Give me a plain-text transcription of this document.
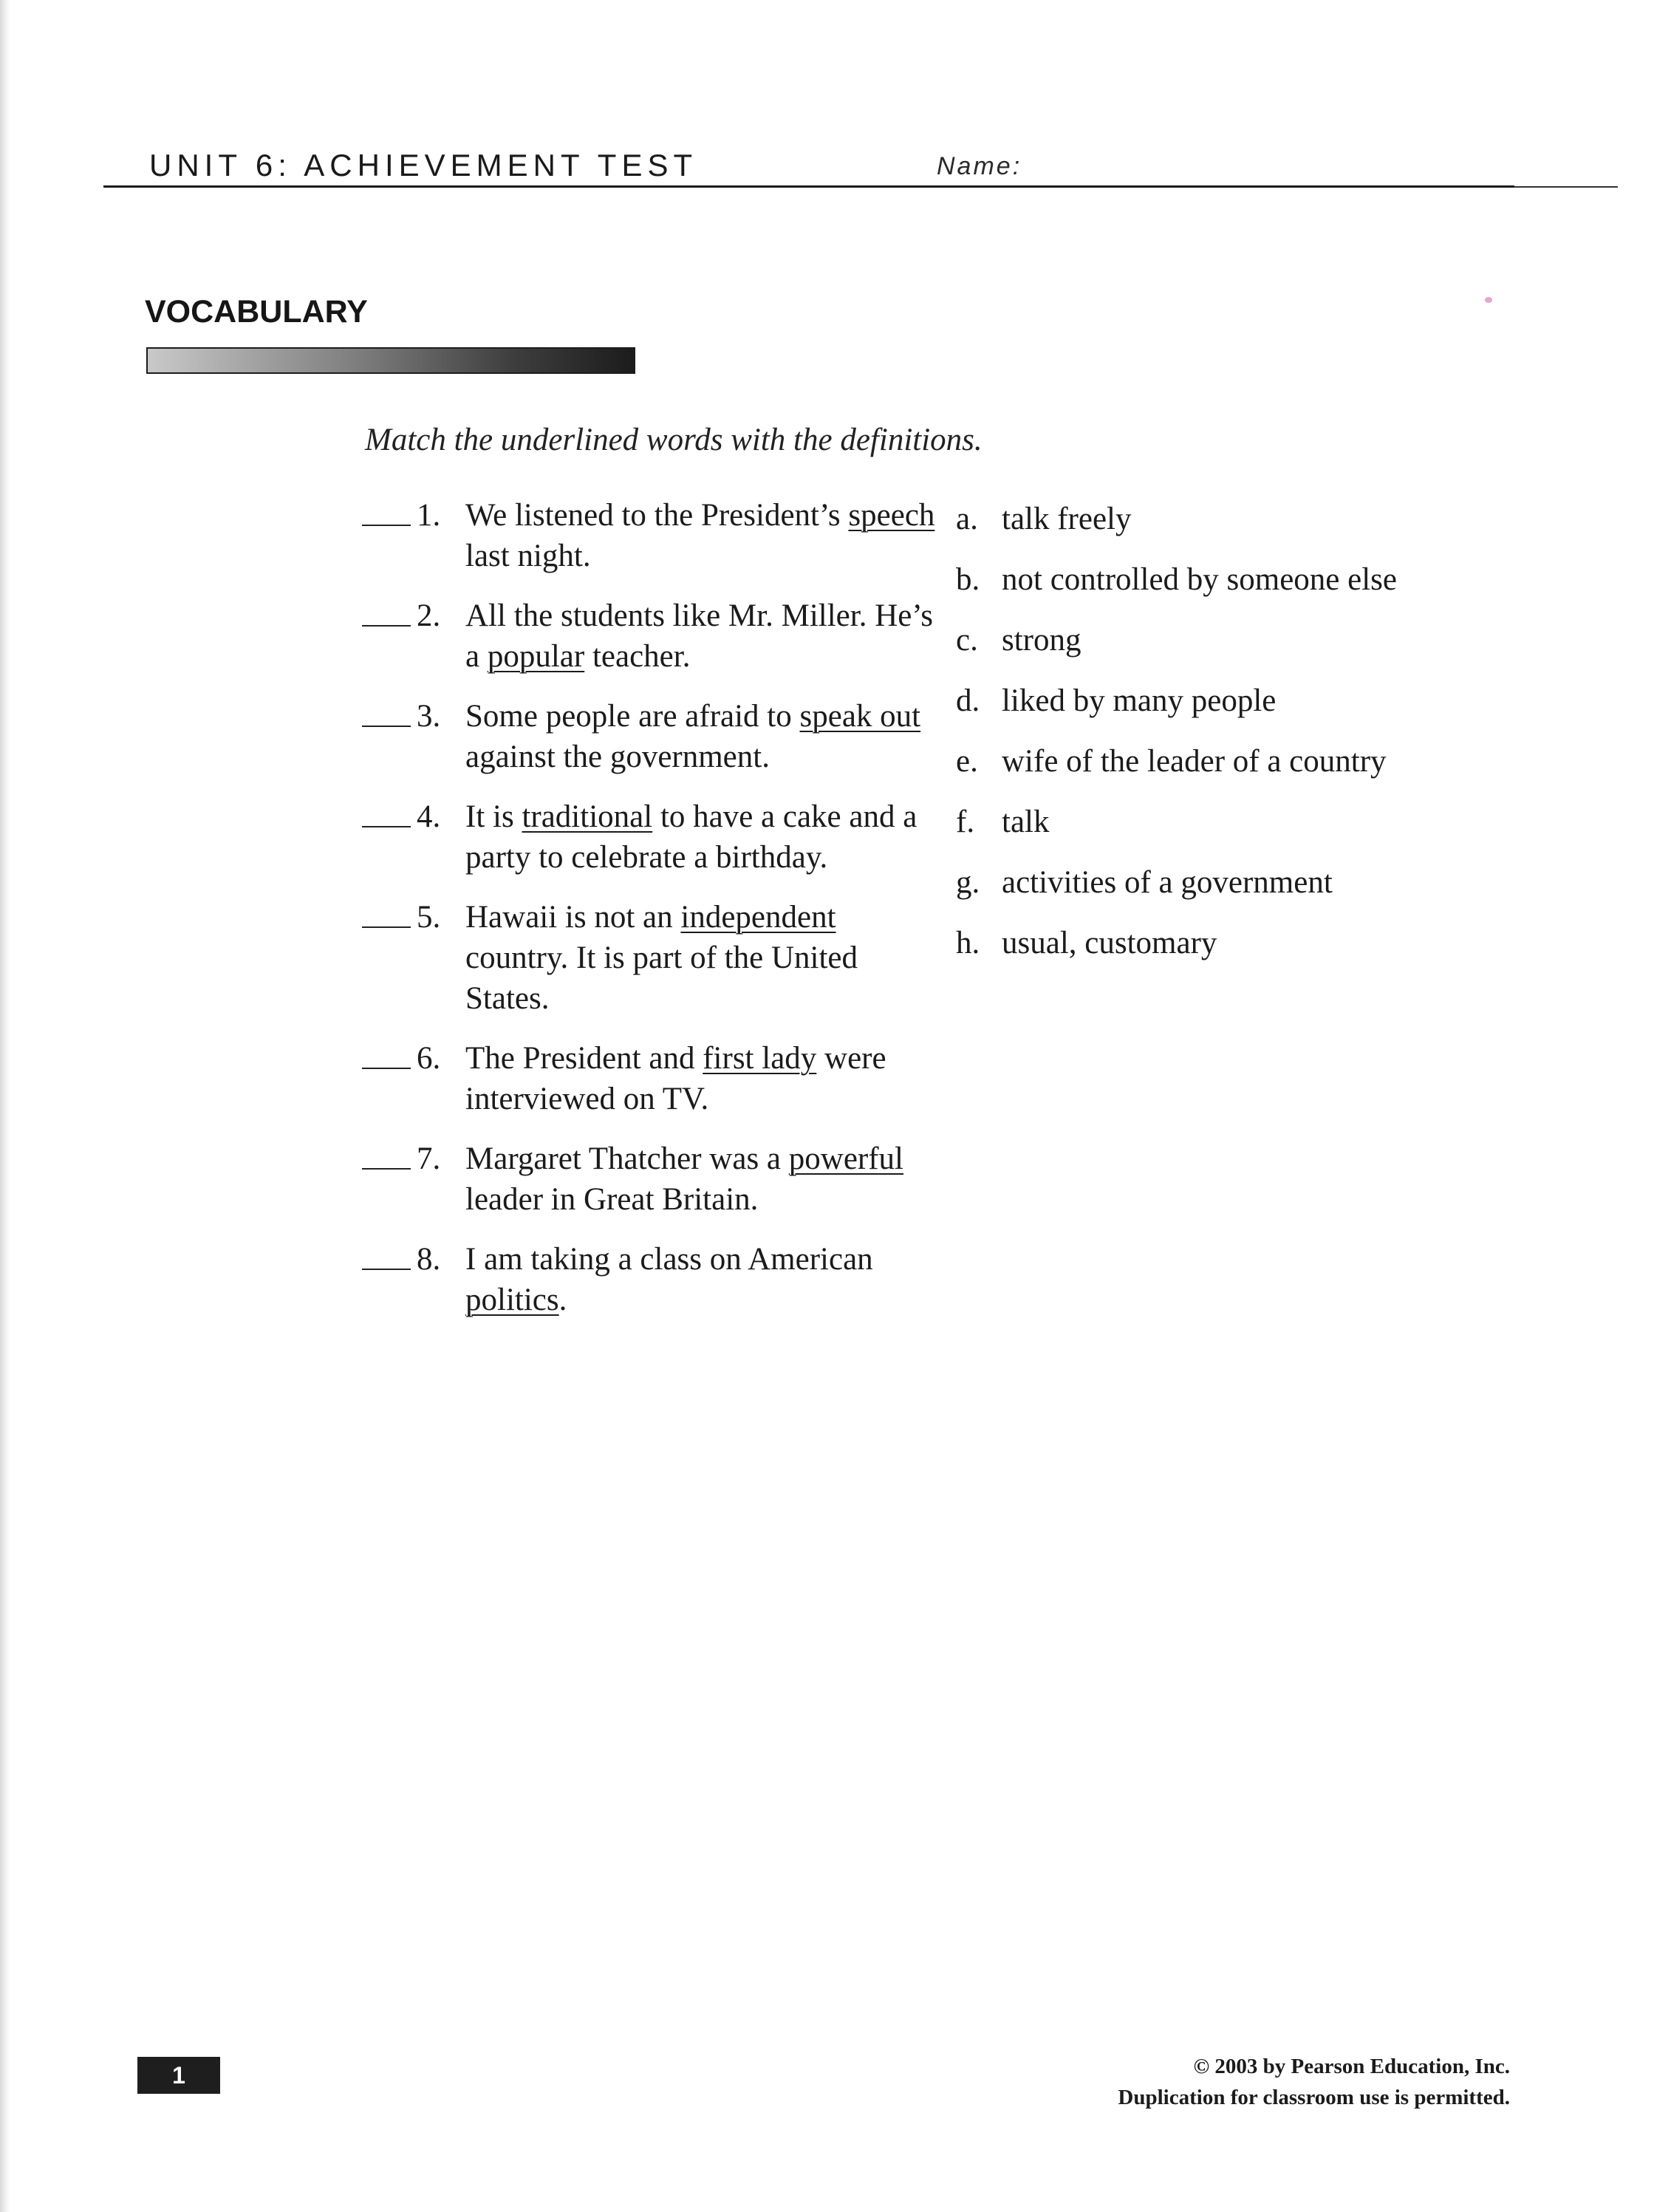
UNIT 6: ACHIEVEMENT TEST	Name:
VOCABULARY
Match the underlined words with the definitions.
1. We listened to the President’s speech last night.
2. All the students like Mr. Miller. He’s a popular teacher.
3. Some people are afraid to speak out against the government.
4. It is traditional to have a cake and a party to celebrate a birthday.
5. Hawaii is not an independent country. It is part of the United States.
6. The President and first lady were interviewed on TV.
7. Margaret Thatcher was a powerful leader in Great Britain.
8. I am taking a class on American politics.
a. talk freely
b. not controlled by someone else
c. strong
d. liked by many people
e. wife of the leader of a country
f. talk
g. activities of a government
h. usual, customary
1	© 2003 by Pearson Education, Inc.
Duplication for classroom use is permitted.
